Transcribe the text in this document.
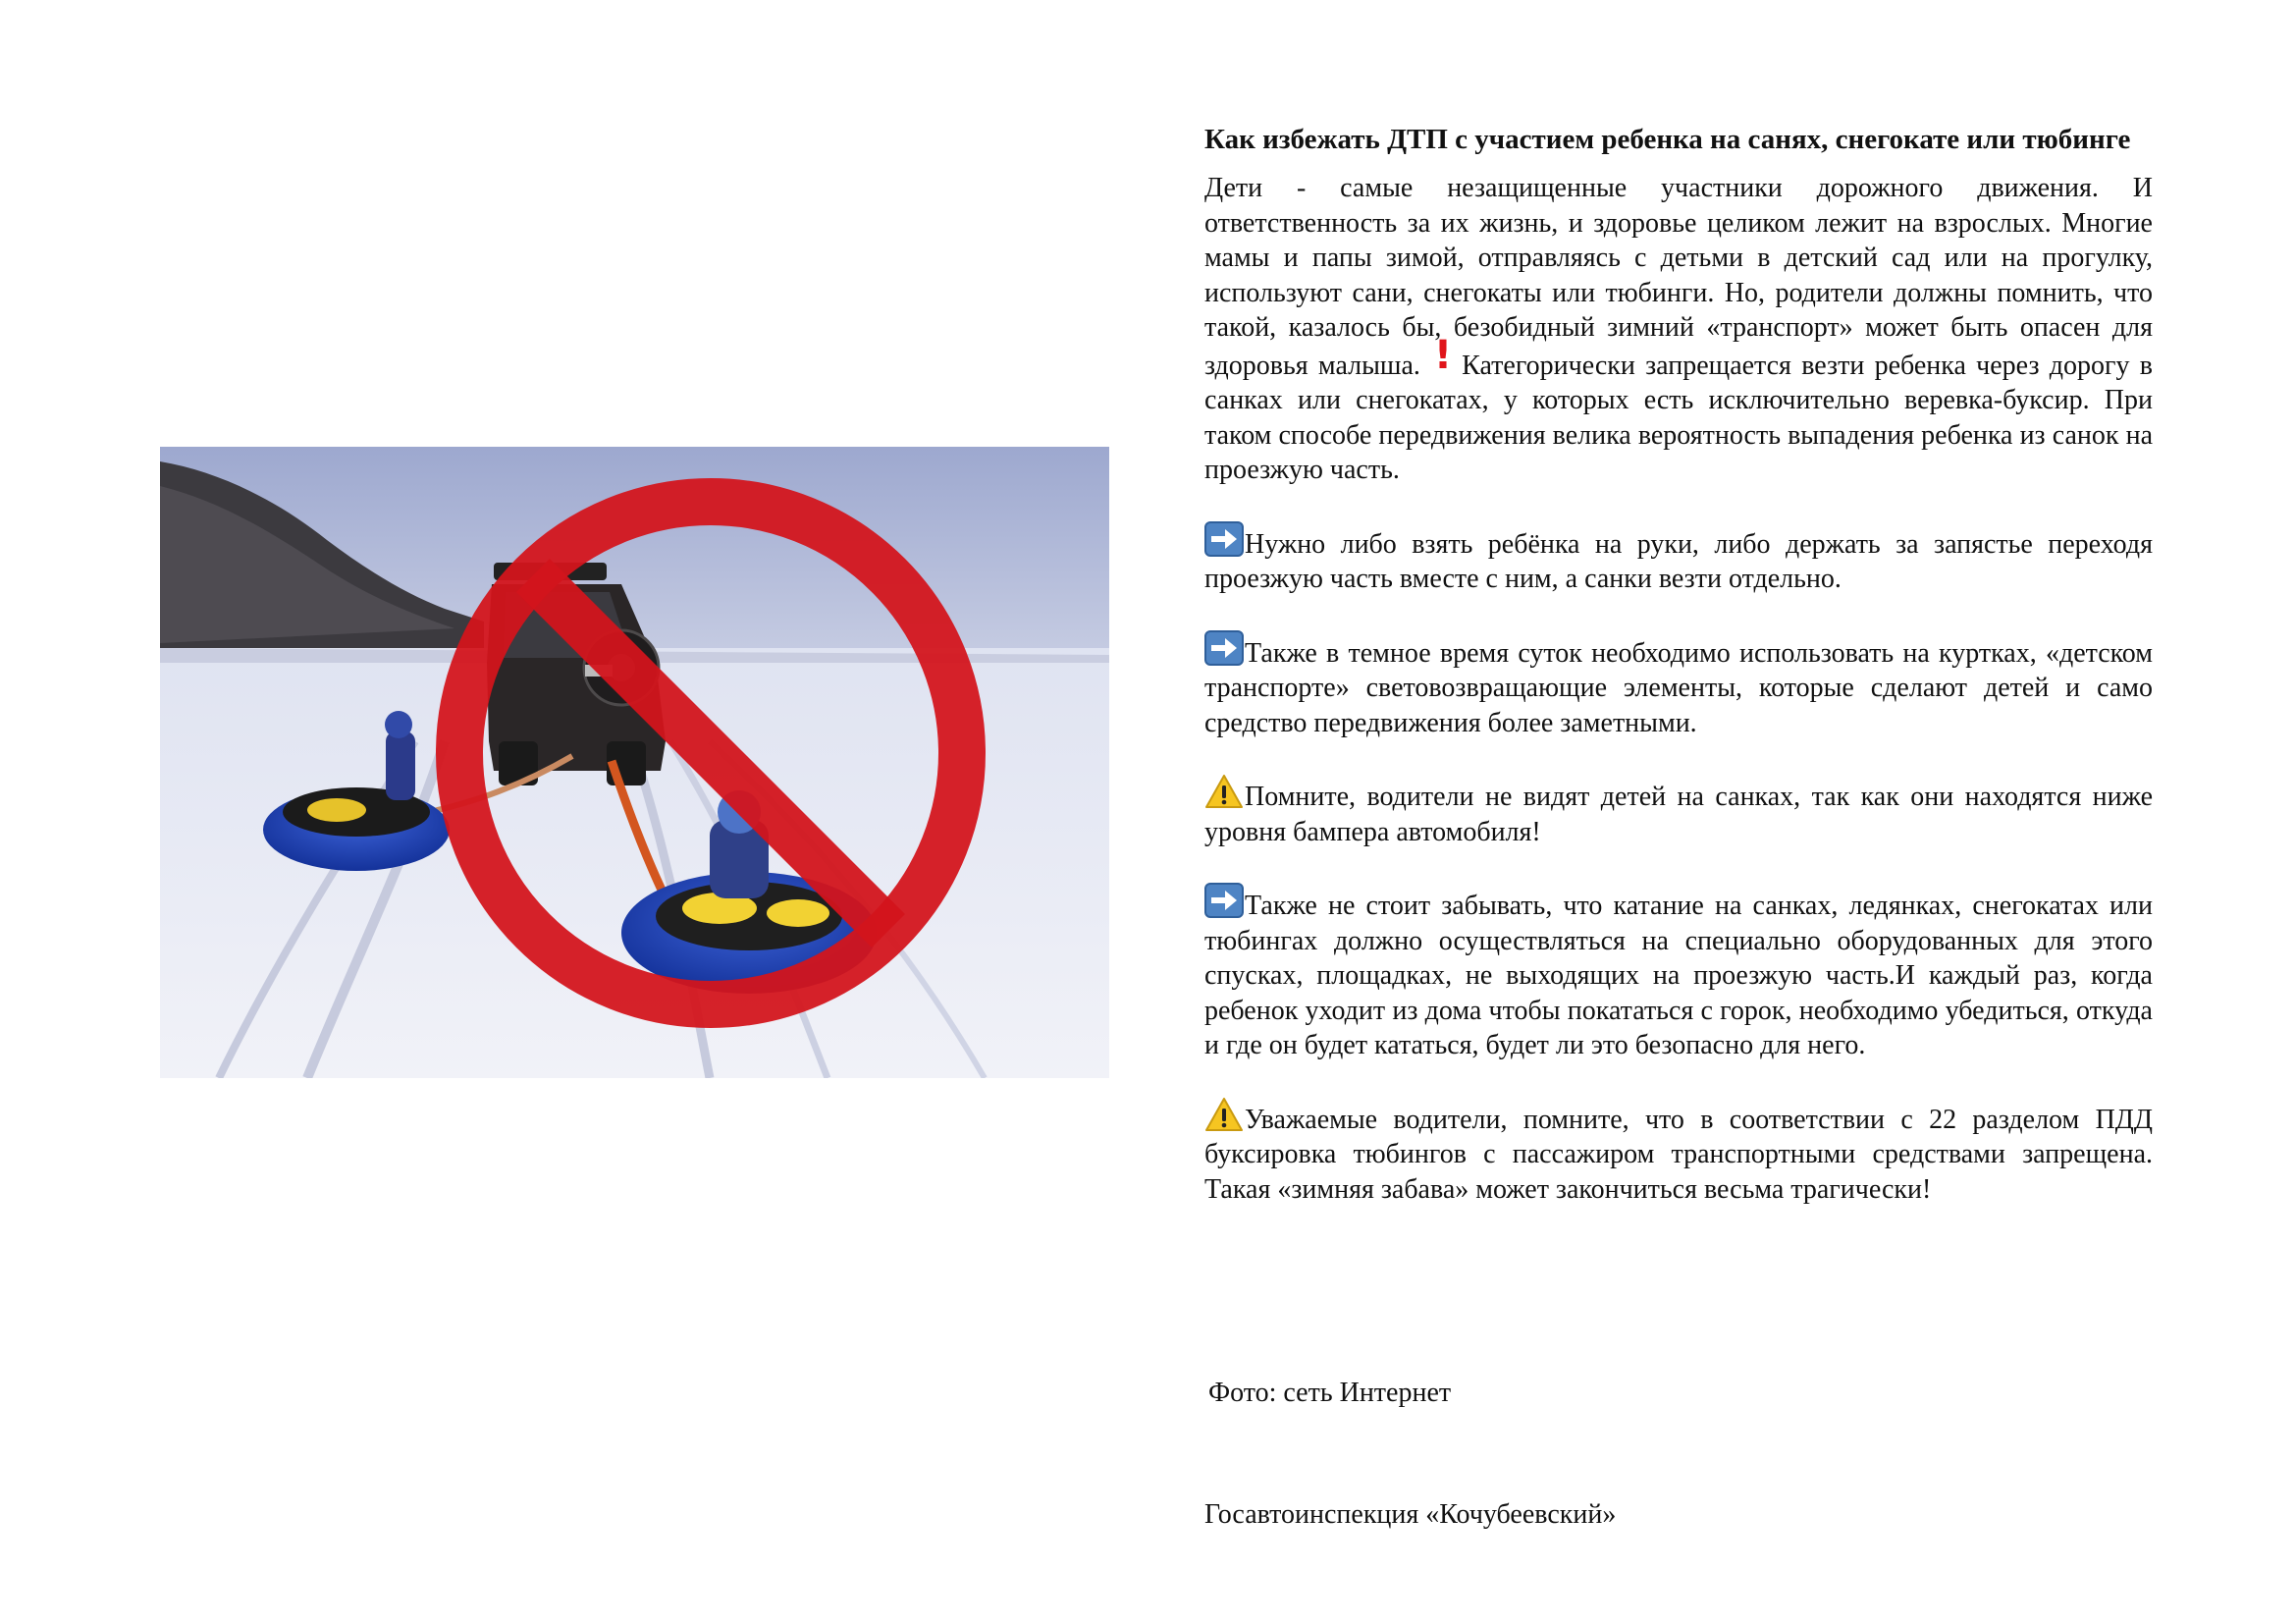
Как избежать ДТП с участием ребенка на санях, снегокате или тюбинге

Дети - самые незащищенные участники дорожного движения. И ответственность за их жизнь, и здоровье целиком лежит на взрослых. Многие мамы и папы зимой, отправляясь с детьми в детский сад или на прогулку, используют сани, снегокаты или тюбинги. Но, родители должны помнить, что такой, казалось бы, безобидный зимний «транспорт» может быть опасен для здоровья малыша. ! Категорически запрещается везти ребенка через дорогу в санках или снегокатах, у которых есть исключительно веревка-буксир. При таком способе передвижения велика вероятность выпадения ребенка из санок на проезжую часть.

Нужно либо взять ребёнка на руки, либо держать за запястье переходя проезжую часть вместе с ним, а санки везти отдельно.

Также в темное время суток необходимо использовать на куртках, «детском транспорте» световозвращающие элементы, которые сделают детей и само средство передвижения более заметными.

Помните, водители не видят детей на санках, так как они находятся ниже уровня бампера автомобиля!

Также не стоит забывать, что катание на санках, ледянках, снегокатах или тюбингах должно осуществляться на специально оборудованных для этого спусках, площадках, не выходящих на проезжую часть.И каждый раз, когда ребенок уходит из дома чтобы покататься с горок, необходимо убедиться, откуда и где он будет кататься, будет ли это безопасно для него.

Уважаемые водители, помните, что в соответствии с 22 разделом ПДД буксировка тюбингов с пассажиром транспортными средствами запрещена. Такая «зимняя забава» может закончиться весьма трагически!

Фото: сеть Интернет
Госавтоинспекция «Кочубеевский»
